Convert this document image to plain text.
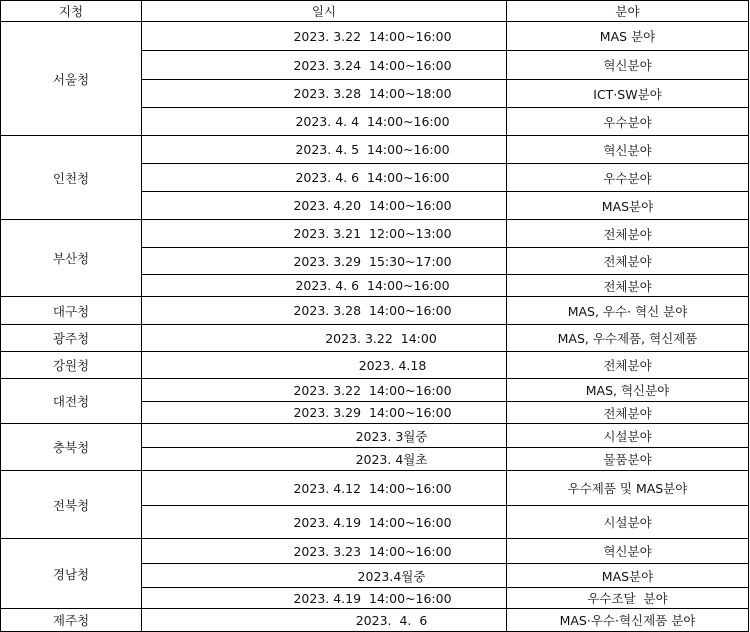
지청	일시	분야
서울청	2023. 3.22  14:00~16:00	MAS 분야
	2023. 3.24  14:00~16:00	혁신분야
	2023. 3.28  14:00~18:00	ICT·SW분야
	2023. 4. 4  14:00~16:00	우수분야
인천청	2023. 4. 5  14:00~16:00	혁신분야
	2023. 4. 6  14:00~16:00	우수분야
	2023. 4.20  14:00~16:00	MAS분야
부산청	2023. 3.21  12:00~13:00	전체분야
	2023. 3.29  15:30~17:00	전체분야
	2023. 4. 6  14:00~16:00	전체분야
대구청	2023. 3.28  14:00~16:00	MAS, 우수· 혁신 분야
광주청	2023. 3.22  14:00	MAS, 우수제품, 혁신제품
강원청	2023. 4.18	전체분야
대전청	2023. 3.22  14:00~16:00	MAS, 혁신분야
	2023. 3.29  14:00~16:00	전체분야
충북청	2023. 3월중	시설분야
	2023. 4월초	물품분야
전북청	2023. 4.12  14:00~16:00	우수제품 및 MAS분야
	2023. 4.19  14:00~16:00	시설분야
경남청	2023. 3.23  14:00~16:00	혁신분야
	2023.4월중	MAS분야
	2023. 4.19  14:00~16:00	우수조달  분야
제주청	2023.  4.  6	MAS·우수·혁신제품 분야
